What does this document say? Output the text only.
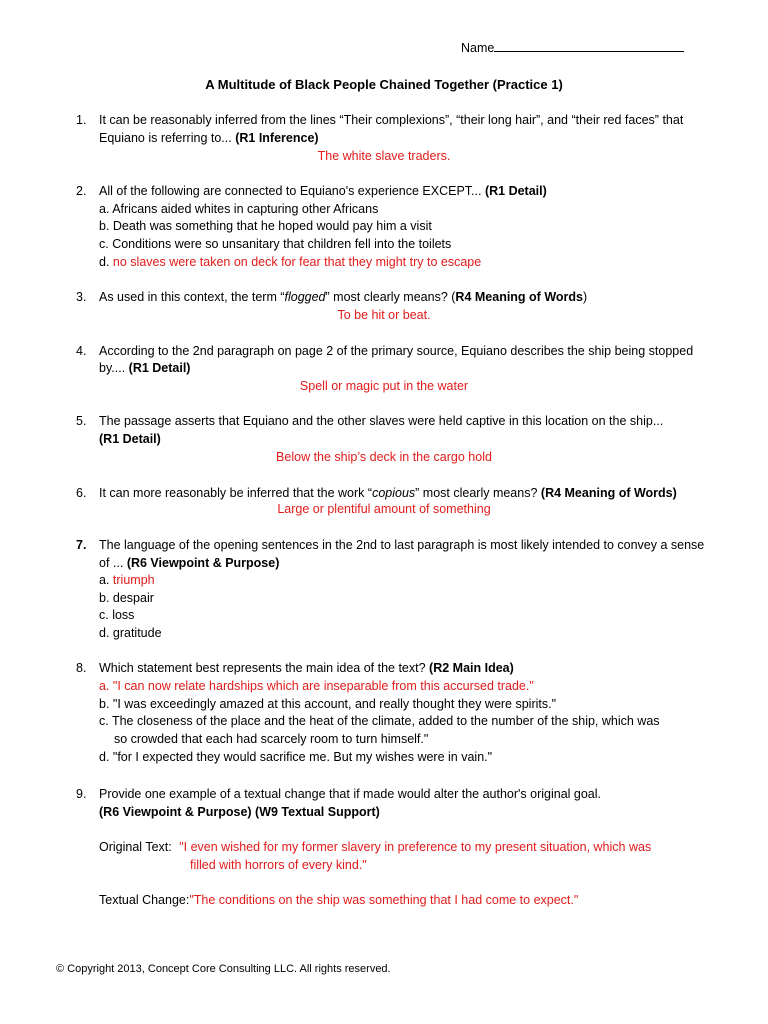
Name
A Multitude of Black People Chained Together (Practice 1)
1. It can be reasonably inferred from the lines “Their complexions”, “their long hair”, and “their red faces” that
Equiano is referring to... (R1 Inference)
The white slave traders.
2. All of the following are connected to Equiano's experience EXCEPT... (R1 Detail)
a. Africans aided whites in capturing other Africans
b. Death was something that he hoped would pay him a visit
c. Conditions were so unsanitary that children fell into the toilets
d. no slaves were taken on deck for fear that they might try to escape
3. As used in this context, the term “flogged” most clearly means? (R4 Meaning of Words)
To be hit or beat.
4. According to the 2nd paragraph on page 2 of the primary source, Equiano describes the ship being stopped
by.... (R1 Detail)
Spell or magic put in the water
5. The passage asserts that Equiano and the other slaves were held captive in this location on the ship...
(R1 Detail)
Below the ship’s deck in the cargo hold
6. It can more reasonably be inferred that the work “copious” most clearly means? (R4 Meaning of Words)
Large or plentiful amount of something
7. The language of the opening sentences in the 2nd to last paragraph is most likely intended to convey a sense
of ... (R6 Viewpoint & Purpose)
a. triumph
b. despair
c. loss
d. gratitude
8. Which statement best represents the main idea of the text? (R2 Main Idea)
a. "I can now relate hardships which are inseparable from this accursed trade."
b. "I was exceedingly amazed at this account, and really thought they were spirits."
c. The closeness of the place and the heat of the climate, added to the number of the ship, which was
so crowded that each had scarcely room to turn himself."
d. "for I expected they would sacrifice me. But my wishes were in vain."
9. Provide one example of a textual change that if made would alter the author's original goal.
(R6 Viewpoint & Purpose) (W9 Textual Support)
Original Text: "I even wished for my former slavery in preference to my present situation, which was
filled with horrors of every kind."
Textual Change:"The conditions on the ship was something that I had come to expect."
© Copyright 2013, Concept Core Consulting LLC. All rights reserved.
